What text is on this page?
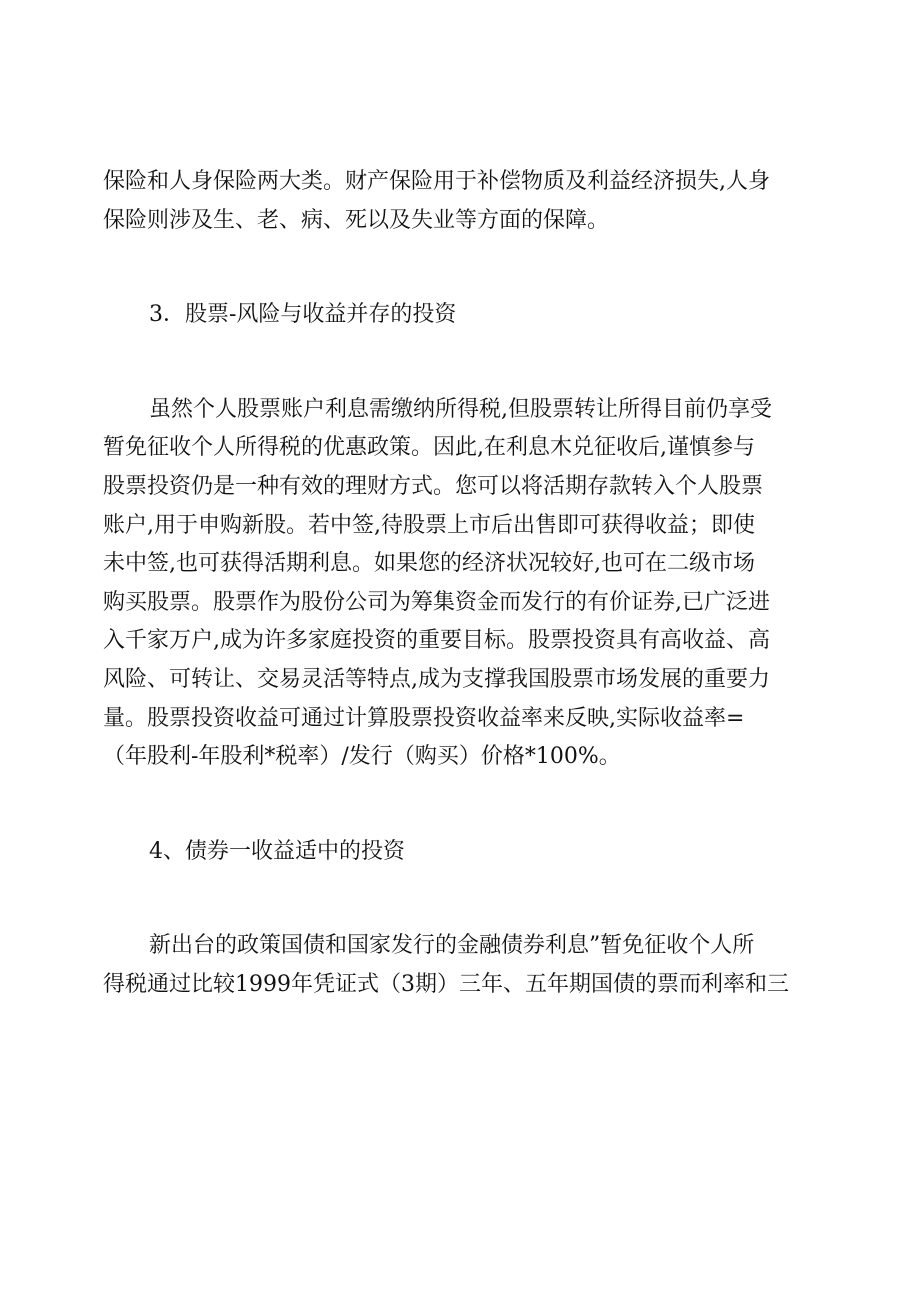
保险和人身保险两大类。财产保险用于补偿物质及利益经济损失,人身
保险则涉及生、老、病、死以及失业等方面的保障。

3．股票-风险与收益并存的投资

虽然个人股票账户利息需缴纳所得税,但股票转让所得目前仍享受
暂免征收个人所得税的优惠政策。因此,在利息木兑征收后,谨慎参与
股票投资仍是一种有效的理财方式。您可以将活期存款转入个人股票
账户,用于申购新股。若中签,待股票上市后出售即可获得收益；即使
未中签,也可获得活期利息。如果您的经济状况较好,也可在二级市场
购买股票。股票作为股份公司为筹集资金而发行的有价证券,已广泛进
入千家万户,成为许多家庭投资的重要目标。股票投资具有高收益、高
风险、可转让、交易灵活等特点,成为支撑我国股票市场发展的重要力
量。股票投资收益可通过计算股票投资收益率来反映,实际收益率=
（年股利-年股利*税率）/发行（购买）价格*100%。

4、债券一收益适中的投资

新出台的政策国债和国家发行的金融债券利息”暂免征收个人所
得税通过比较1999年凭证式（3期）三年、五年期国债的票而利率和三
